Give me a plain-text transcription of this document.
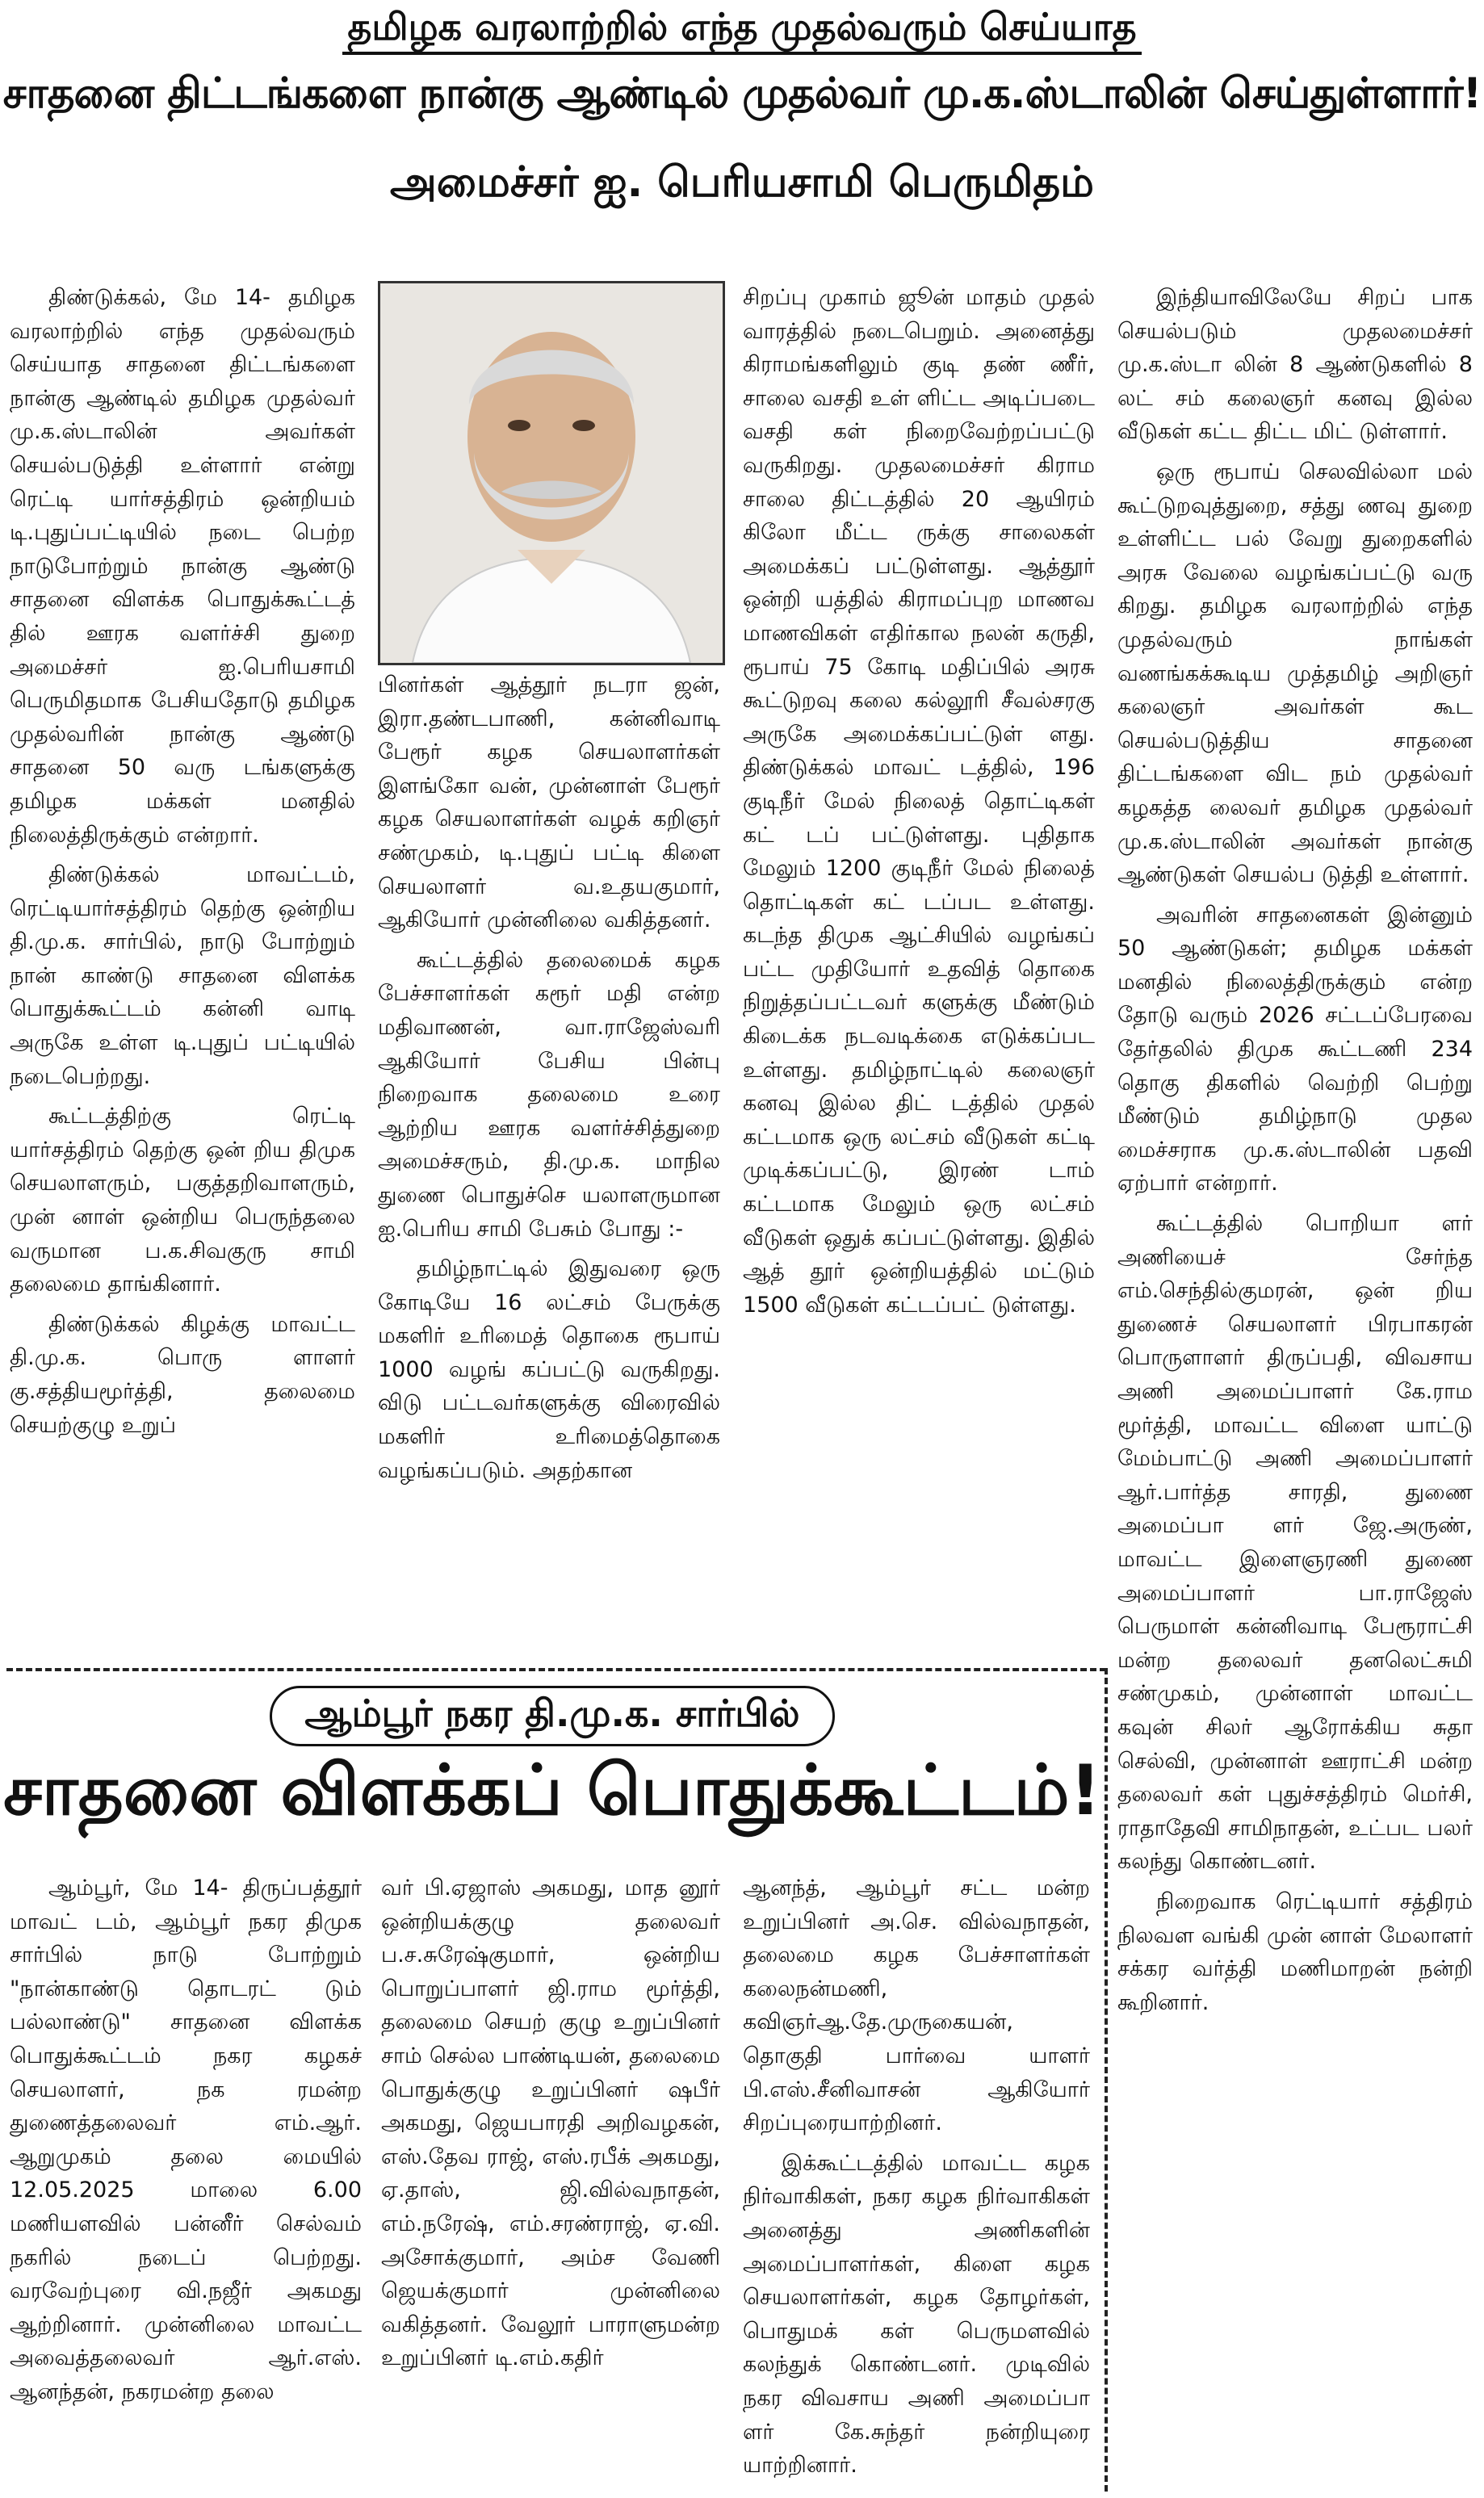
தமிழக வரலாற்றில் எந்த முதல்வரும் செய்யாத
சாதனை திட்டங்களை நான்கு ஆண்டில் முதல்வர் மு.க.ஸ்டாலின் செய்துள்ளார்!
அமைச்சர் ஐ. பெரியசாமி பெருமிதம்

திண்டுக்கல், மே 14- தமிழக வரலாற்றில் எந்த முதல்வரும் செய்யாத சாதனை திட்டங்களை நான்கு ஆண்டில் தமிழக முதல்வர் மு.க.ஸ்டாலின் அவர்கள் செயல்படுத்தி உள்ளார் என்று ரெட்டி யார்சத்திரம் ஒன்றியம் டி.புதுப்பட்டியில் நடை பெற்ற நாடுபோற்றும் நான்கு ஆண்டு சாதனை விளக்க பொதுக்கூட்டத் தில் ஊரக வளர்ச்சி துறை அமைச்சர் ஐ.பெரியசாமி பெருமிதமாக பேசியதோடு தமிழக முதல்வரின் நான்கு ஆண்டு சாதனை 50 வரு டங்களுக்கு தமிழக மக்கள் மனதில் நிலைத்திருக்கும் என்றார்.

திண்டுக்கல் மாவட்டம், ரெட்டியார்சத்திரம் தெற்கு ஒன்றிய தி.மு.க. சார்பில், நாடு போற்றும் நான் காண்டு சாதனை விளக்க பொதுக்கூட்டம் கன்னி வாடி அருகே உள்ள டி.புதுப் பட்டியில் நடைபெற்றது.

கூட்டத்திற்கு ரெட்டி யார்சத்திரம் தெற்கு ஒன் றிய திமுக செயலாளரும், பகுத்தறிவாளரும், முன் னாள் ஒன்றிய பெருந்தலை வருமான ப.க.சிவகுரு சாமி தலைமை தாங்கினார்.

திண்டுக்கல் கிழக்கு மாவட்ட தி.மு.க. பொரு ளாளர் கு.சத்தியமூர்த்தி, தலைமை செயற்குழு உறுப்

பினர்கள் ஆத்தூர் நடரா ஜன், இரா.தண்டபாணி, கன்னிவாடி பேரூர் கழக செயலாளர்கள் இளங்கோ வன், முன்னாள் பேரூர் கழக செயலாளர்கள் வழக் கறிஞர் சண்முகம், டி.புதுப் பட்டி கிளை செயலாளர் வ.உதயகுமார், ஆகியோர் முன்னிலை வகித்தனர்.

கூட்டத்தில் தலைமைக் கழக பேச்சாளர்கள் கரூர் மதி என்ற மதிவாணன், வா.ராஜேஸ்வரி ஆகியோர் பேசிய பின்பு நிறைவாக தலைமை உரை ஆற்றிய ஊரக வளர்ச்சித்துறை அமைச்சரும், தி.மு.க. மாநில துணை பொதுச்செ யலாளருமான ஐ.பெரிய சாமி பேசும் போது :-

தமிழ்நாட்டில் இதுவரை ஒரு கோடியே 16 லட்சம் பேருக்கு மகளிர் உரிமைத் தொகை ரூபாய் 1000 வழங் கப்பட்டு வருகிறது. விடு பட்டவர்களுக்கு விரைவில் மகளிர் உரிமைத்தொகை வழங்கப்படும். அதற்கான

சிறப்பு முகாம் ஜூன் மாதம் முதல் வாரத்தில் நடைபெறும். அனைத்து கிராமங்களிலும் குடி தண் ணீர், சாலை வசதி உள் ளிட்ட அடிப்படை வசதி கள் நிறைவேற்றப்பட்டு வருகிறது. முதலமைச்சர் கிராம சாலை திட்டத்தில் 20 ஆயிரம் கிலோ மீட்ட ருக்கு சாலைகள் அமைக்கப் பட்டுள்ளது. ஆத்தூர் ஒன்றி யத்தில் கிராமப்புற மாணவ மாணவிகள் எதிர்கால நலன் கருதி, ரூபாய் 75 கோடி மதிப்பில் அரசு கூட்டுறவு கலை கல்லூரி சீவல்சரகு அருகே அமைக்கப்பட்டுள் ளது. திண்டுக்கல் மாவட் டத்தில், 196 குடிநீர் மேல் நிலைத் தொட்டிகள் கட் டப் பட்டுள்ளது. புதிதாக மேலும் 1200 குடிநீர் மேல் நிலைத் தொட்டிகள் கட் டப்பட உள்ளது. கடந்த திமுக ஆட்சியில் வழங்கப் பட்ட முதியோர் உதவித் தொகை நிறுத்தப்பட்டவர் களுக்கு மீண்டும் கிடைக்க நடவடிக்கை எடுக்கப்பட உள்ளது. தமிழ்நாட்டில் கலைஞர் கனவு இல்ல திட் டத்தில் முதல் கட்டமாக ஒரு லட்சம் வீடுகள் கட்டி முடிக்கப்பட்டு, இரண் டாம் கட்டமாக மேலும் ஒரு லட்சம் வீடுகள் ஒதுக் கப்பட்டுள்ளது. இதில் ஆத் தூர் ஒன்றியத்தில் மட்டும் 1500 வீடுகள் கட்டப்பட் டுள்ளது.

இந்தியாவிலேயே சிறப் பாக செயல்படும் முதலமைச்சர் மு.க.ஸ்டா லின் 8 ஆண்டுகளில் 8 லட் சம் கலைஞர் கனவு இல்ல வீடுகள் கட்ட திட்ட மிட் டுள்ளார்.

ஒரு ரூபாய் செலவில்லா மல் கூட்டுறவுத்துறை, சத்து ணவு துறை உள்ளிட்ட பல் வேறு துறைகளில் அரசு வேலை வழங்கப்பட்டு வரு கிறது. தமிழக வரலாற்றில் எந்த முதல்வரும் நாங்கள் வணங்கக்கூடிய முத்தமிழ் அறிஞர் கலைஞர் அவர்கள் கூட செயல்படுத்திய சாதனை திட்டங்களை விட நம் முதல்வர் கழகத்த லைவர் தமிழக முதல்வர் மு.க.ஸ்டாலின் அவர்கள் நான்கு ஆண்டுகள் செயல்ப டுத்தி உள்ளார்.

அவரின் சாதனைகள் இன்னும் 50 ஆண்டுகள்; தமிழக மக்கள் மனதில் நிலைத்திருக்கும் என்ற தோடு வரும் 2026 சட்டப்பேரவை தேர்தலில் திமுக கூட்டணி 234 தொகு திகளில் வெற்றி பெற்று மீண்டும் தமிழ்நாடு முதல மைச்சராக மு.க.ஸ்டாலின் பதவி ஏற்பார் என்றார்.

கூட்டத்தில் பொறியா ளர் அணியைச் சேர்ந்த எம்.செந்தில்குமரன், ஒன் றிய துணைச் செயலாளர் பிரபாகரன் பொருளாளர் திருப்பதி, விவசாய அணி அமைப்பாளர் கே.ராம மூர்த்தி, மாவட்ட விளை யாட்டு மேம்பாட்டு அணி அமைப்பாளர் ஆர்.பார்த்த சாரதி, துணை அமைப்பா ளர் ஜே.அருண், மாவட்ட இளைஞரணி துணை அமைப்பாளர் பா.ராஜேஸ் பெருமாள் கன்னிவாடி பேரூராட்சி மன்ற தலைவர் தனலெட்சுமி சண்முகம், முன்னாள் மாவட்ட கவுன் சிலர் ஆரோக்கிய சுதா செல்வி, முன்னாள் ஊராட்சி மன்ற தலைவர் கள் புதுச்சத்திரம் மெர்சி, ராதாதேவி சாமிநாதன், உட்பட பலர் கலந்து கொண்டனர்.

நிறைவாக ரெட்டியார் சத்திரம் நிலவள வங்கி முன் னாள் மேலாளர் சக்கர வர்த்தி மணிமாறன் நன்றி கூறினார்.

ஆம்பூர் நகர தி.மு.க. சார்பில்
சாதனை விளக்கப் பொதுக்கூட்டம்!

ஆம்பூர், மே 14- திருப்பத்தூர் மாவட் டம், ஆம்பூர் நகர திமுக சார்பில் நாடு போற்றும் "நான்காண்டு தொடரட் டும் பல்லாண்டு" சாதனை விளக்க பொதுக்கூட்டம் நகர கழகச் செயலாளர், நக ரமன்ற துணைத்தலைவர் எம்.ஆர். ஆறுமுகம் தலை மையில் 12.05.2025 மாலை 6.00 மணியளவில் பன்னீர் செல்வம் நகரில் நடைப் பெற்றது. வரவேற்புரை வி.நஜீர் அகமது ஆற்றினார். முன்னிலை மாவட்ட அவைத்தலைவர் ஆர்.எஸ். ஆனந்தன், நகரமன்ற தலை

வர் பி.ஏஜாஸ் அகமது, மாத னூர் ஒன்றியக்குழு தலைவர் ப.ச.சுரேஷ்குமார், ஒன்றிய பொறுப்பாளர் ஜி.ராம மூர்த்தி, தலைமை செயற் குழு உறுப்பினர் சாம் செல்ல பாண்டியன், தலைமை பொதுக்குழு உறுப்பினர் ஷபீர் அகமது, ஜெயபாரதி அறிவழகன், எஸ்.தேவ ராஜ், எஸ்.ரபீக் அகமது, ஏ.தாஸ், ஜி.வில்வநாதன், எம்.நரேஷ், எம்.சரண்ராஜ், ஏ.வி. அசோக்குமார், அம்ச வேணி ஜெயக்குமார் முன்னிலை வகித்தனர். வேலூர் பாராளுமன்ற உறுப்பினர் டி.எம்.கதிர்

ஆனந்த், ஆம்பூர் சட்ட மன்ற உறுப்பினர் அ.செ. வில்வநாதன், தலைமை கழக பேச்சாளர்கள் கலைநன்மணி, கவிஞர்ஆ.தே.முருகையன், தொகுதி பார்வை யாளர் பி.எஸ்.சீனிவாசன் ஆகியோர் சிறப்புரையாற்றினர்.

இக்கூட்டத்தில் மாவட்ட கழக நிர்வாகிகள், நகர கழக நிர்வாகிகள் அனைத்து அணிகளின் அமைப்பாளர்கள், கிளை கழக செயலாளர்கள், கழக தோழர்கள், பொதுமக் கள் பெருமளவில் கலந்துக் கொண்டனர். முடிவில் நகர விவசாய அணி அமைப்பா ளர் கே.சுந்தர் நன்றியுரை யாற்றினார்.
